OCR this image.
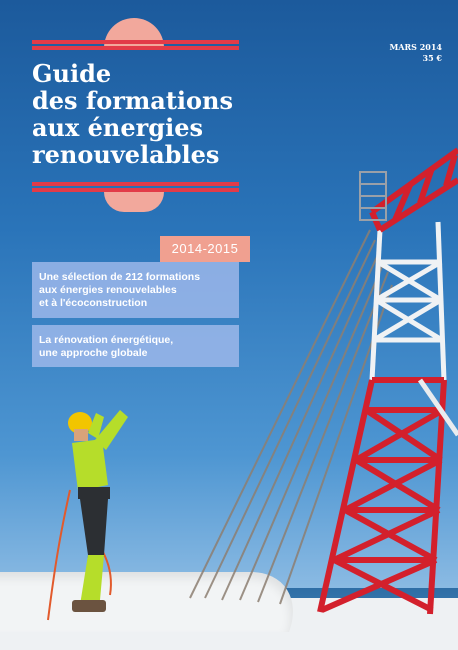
Guide
des formations
aux énergies
renouvelables
MARS 2014
35 €
2014-2015
Une sélection de 212 formations
aux énergies renouvelables
et à l'écoconstruction
La rénovation énergétique,
une approche globale
